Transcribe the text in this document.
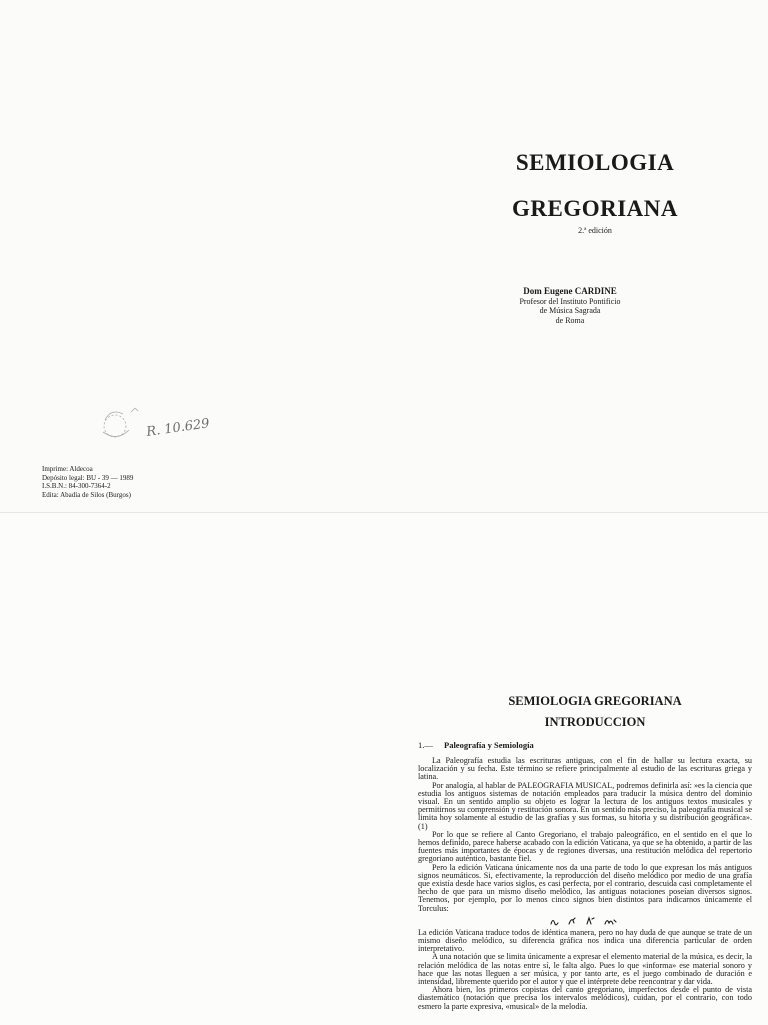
SEMIOLOGIA
GREGORIANA
2.ª edición
Dom Eugene CARDINE
Profesor del Instituto Pontificio
de Música Sagrada
de Roma
R. 10.629
Imprime: Aldecoa
Depósito legal: BU - 39 — 1989
I.S.B.N.: 84-300-7364-2
Edita: Abadía de Silos (Burgos)
SEMIOLOGIA GREGORIANA
INTRODUCCION
1.— Paleografía y Semiología

La Paleografía estudia las escrituras antiguas, con el fin de hallar su lectura exacta, su localización y su fecha. Este término se refiere principalmente al estudio de las escrituras griega y latina.

Por analogía, al hablar de PALEOGRAFIA MUSICAL, podremos definirla así: »es la ciencia que estudia los antiguos sistemas de notación empleados para traducir la música dentro del dominio visual. En un sentido amplio su objeto es lograr la lectura de los antiguos textos musicales y permitirnos su comprensión y restitución sonora. En un sentido más preciso, la paleografía musical se limita hoy solamente al estudio de las grafías y sus formas, su hitoria y su distribución geográfica». (1)

Por lo que se refiere al Canto Gregoriano, el trabajo paleográfico, en el sentido en el que lo hemos definido, parece haberse acabado con la edición Vaticana, ya que se ha obtenido, a partir de las fuentes más importantes de épocas y de regiones diversas, una restitución melódica del repertorio gregoriano auténtico, bastante fiel.

Pero la edición Vaticana únicamente nos da una parte de todo lo que expresan los más antiguos signos neumáticos. Si, efectivamente, la reproducción del diseño melódico por medio de una grafía que existía desde hace varios siglos, es casi perfecta, por el contrario, descuida casi completamente el hecho de que para un mismo diseño melódico, las antiguas notaciones poseían diversos signos. Tenemos, por ejemplo, por lo menos cinco signos bien distintos para indicarnos únicamente el Torculus:

La edición Vaticana traduce todos de idéntica manera, pero no hay duda de que aunque se trate de un mismo diseño melódico, su diferencia gráfica nos indica una diferencia particular de orden interpretativo.

A una notación que se limita únicamente a expresar el elemento material de la música, es decir, la relación melódica de las notas entre sí, le falta algo. Pues lo que «informa» ese material sonoro y hace que las notas lleguen a ser música, y por tanto arte, es el juego combinado de duración e intensidad, libremente querido por el autor y que el intérprete debe reencontrar y dar vida.

Ahora bien, los primeros copistas del canto gregoriano, imperfectos desde el punto de vista diastemático (notación que precisa los intervalos melódicos), cuidan, por el contrario, con todo esmero la parte expresiva, «musical» de la melodía.
